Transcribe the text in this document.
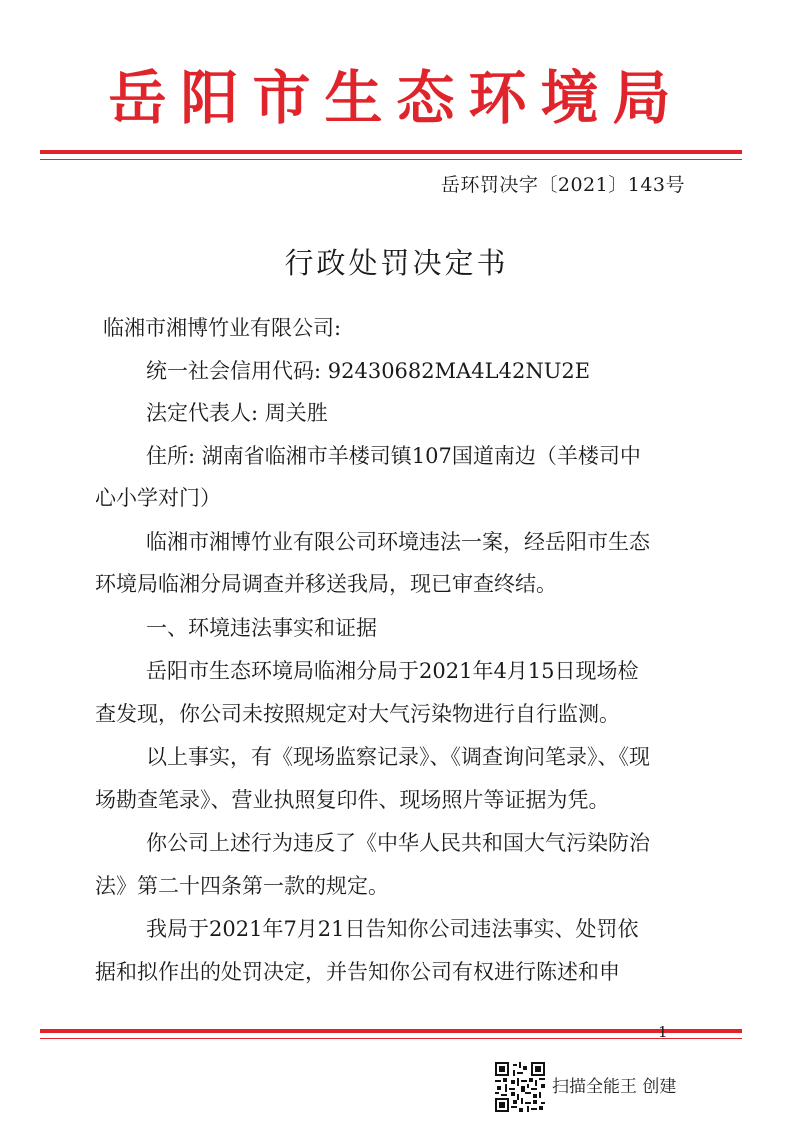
岳阳市生态环境局
岳环罚决字〔2021〕143号
行政处罚决定书
临湘市湘博竹业有限公司:
统一社会信用代码: 92430682MA4L42NU2E
法定代表人: 周关胜
住所: 湖南省临湘市羊楼司镇107国道南边（羊楼司中
心小学对门）
临湘市湘博竹业有限公司环境违法一案，经岳阳市生态
环境局临湘分局调查并移送我局，现已审查终结。
一、环境违法事实和证据
岳阳市生态环境局临湘分局于2021年4月15日现场检
查发现，你公司未按照规定对大气污染物进行自行监测。
以上事实，有《现场监察记录》、《调查询问笔录》、《现
场勘查笔录》、营业执照复印件、现场照片等证据为凭。
你公司上述行为违反了《中华人民共和国大气污染防治
法》第二十四条第一款的规定。
我局于2021年7月21日告知你公司违法事实、处罚依
据和拟作出的处罚决定，并告知你公司有权进行陈述和申
1
扫描全能王 创建
